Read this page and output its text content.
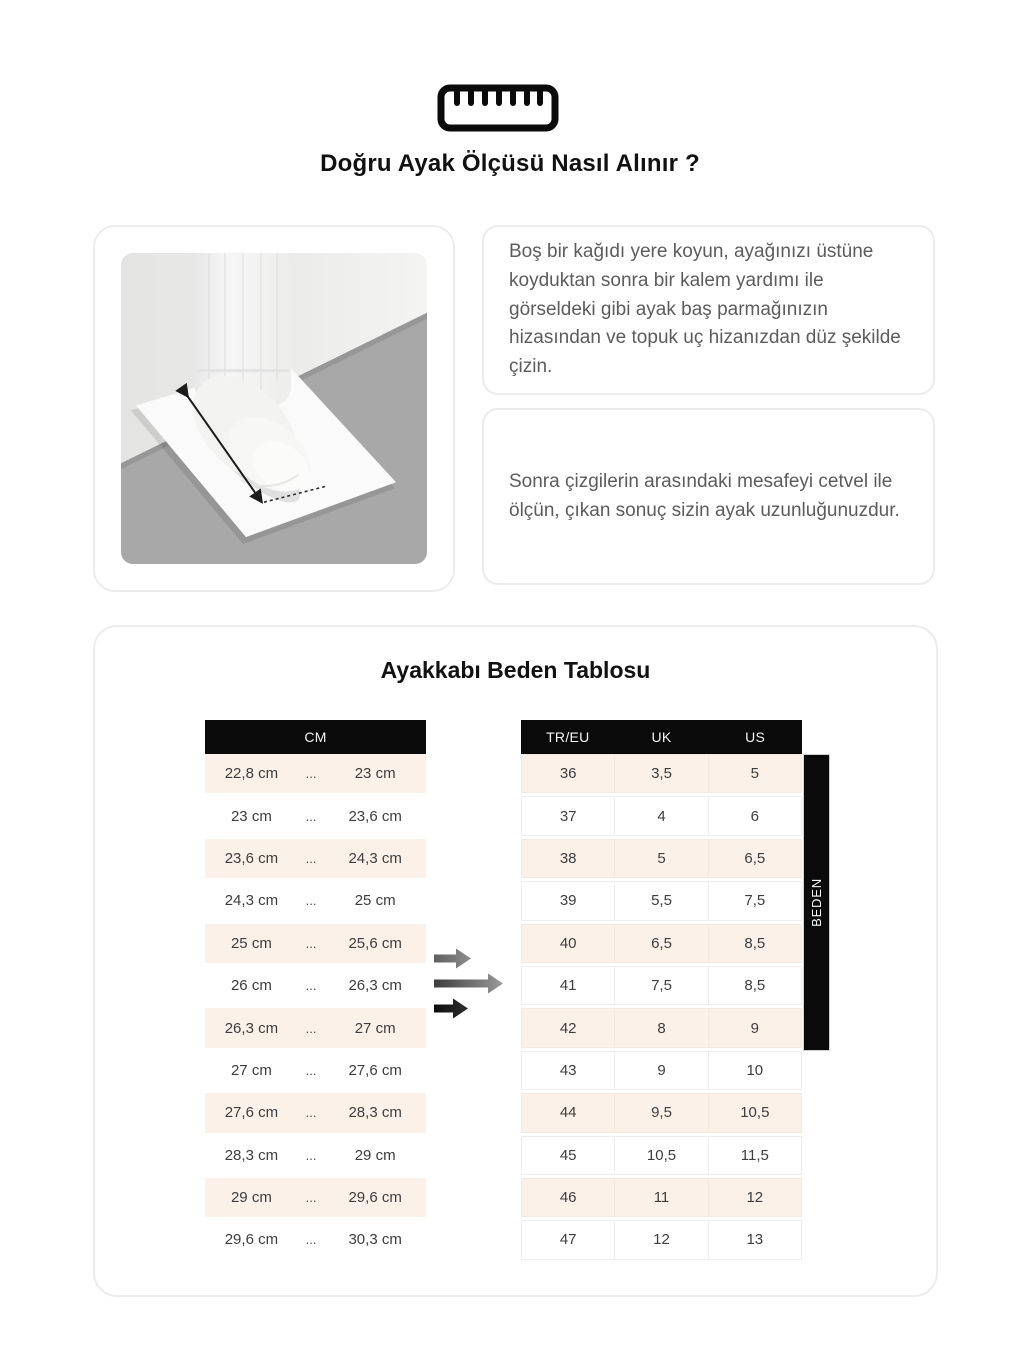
Doğru Ayak Ölçüsü Nasıl Alınır ?

Boş bir kağıdı yere koyun, ayağınızı üstüne koyduktan sonra bir kalem yardımı ile görseldeki gibi ayak baş parmağınızın hizasından ve topuk uç hizanızdan düz şekilde çizin.

Sonra çizgilerin arasındaki mesafeyi cetvel ile ölçün, çıkan sonuç sizin ayak uzunluğunuzdur.

Ayakkabı Beden Tablosu
CM
22,8 cm	...	23 cm
23 cm	...	23,6 cm
23,6 cm	...	24,3 cm
24,3 cm	...	25 cm
25 cm	...	25,6 cm
26 cm	...	26,3 cm
26,3 cm	...	27 cm
27 cm	...	27,6 cm
27,6 cm	...	28,3 cm
28,3 cm	...	29 cm
29 cm	...	29,6 cm
29,6 cm	...	30,3 cm
TR/EU	UK	US
36	3,5	5
37	4	6
38	5	6,5
39	5,5	7,5
40	6,5	8,5
41	7,5	8,5
42	8	9
43	9	10
44	9,5	10,5
45	10,5	11,5
46	11	12
47	12	13
BEDEN
